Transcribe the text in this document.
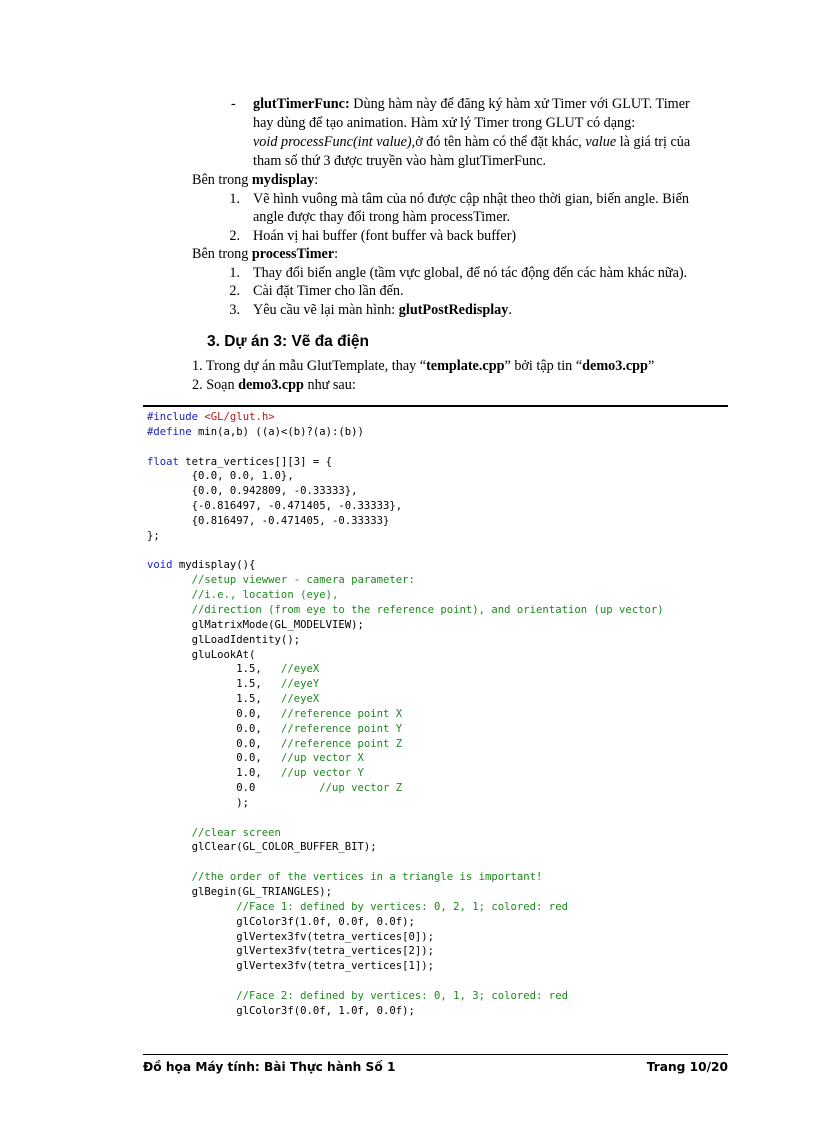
- glutTimerFunc: Dùng hàm này để đăng ký hàm xử Timer với GLUT. Timer
hay dùng để tạo animation. Hàm xử lý Timer trong GLUT có dạng:
void processFunc(int value),ở đó tên hàm có thể đặt khác, value là giá trị của
tham số thứ 3 được truyền vào hàm glutTimerFunc.
Bên trong mydisplay:
1. Vẽ hình vuông mà tâm của nó được cập nhật theo thời gian, biến angle. Biến
angle được thay đổi trong hàm processTimer.
2. Hoán vị hai buffer (font buffer và back buffer)
Bên trong processTimer:
1. Thay đổi biến angle (tầm vực global, để nó tác động đến các hàm khác nữa).
2. Cài đặt Timer cho lần đến.
3. Yêu cầu vẽ lại màn hình: glutPostRedisplay.
3. Dự án 3: Vẽ đa điện
1. Trong dự án mẫu GlutTemplate, thay “template.cpp” bởi tập tin “demo3.cpp”
2. Soạn demo3.cpp như sau:
#include <GL/glut.h>
#define min(a,b) ((a)<(b)?(a):(b))

float tetra_vertices[][3] = {
{0.0, 0.0, 1.0},
{0.0, 0.942809, -0.33333},
{-0.816497, -0.471405, -0.33333},
{0.816497, -0.471405, -0.33333}
};

void mydisplay(){
//setup viewwer - camera parameter:
//i.e., location (eye),
//direction (from eye to the reference point), and orientation (up vector)
glMatrixMode(GL_MODELVIEW);
glLoadIdentity();
gluLookAt(
1.5,   //eyeX
1.5,   //eyeY
1.5,   //eyeX
0.0,   //reference point X
0.0,   //reference point Y
0.0,   //reference point Z
0.0,   //up vector X
1.0,   //up vector Y
0.0          //up vector Z
);

//clear screen
glClear(GL_COLOR_BUFFER_BIT);

//the order of the vertices in a triangle is important!
glBegin(GL_TRIANGLES);
//Face 1: defined by vertices: 0, 2, 1; colored: red
glColor3f(1.0f, 0.0f, 0.0f);
glVertex3fv(tetra_vertices[0]);
glVertex3fv(tetra_vertices[2]);
glVertex3fv(tetra_vertices[1]);

//Face 2: defined by vertices: 0, 1, 3; colored: red
glColor3f(0.0f, 1.0f, 0.0f);
Đồ họa Máy tính: Bài Thực hành Số 1	Trang 10/20
